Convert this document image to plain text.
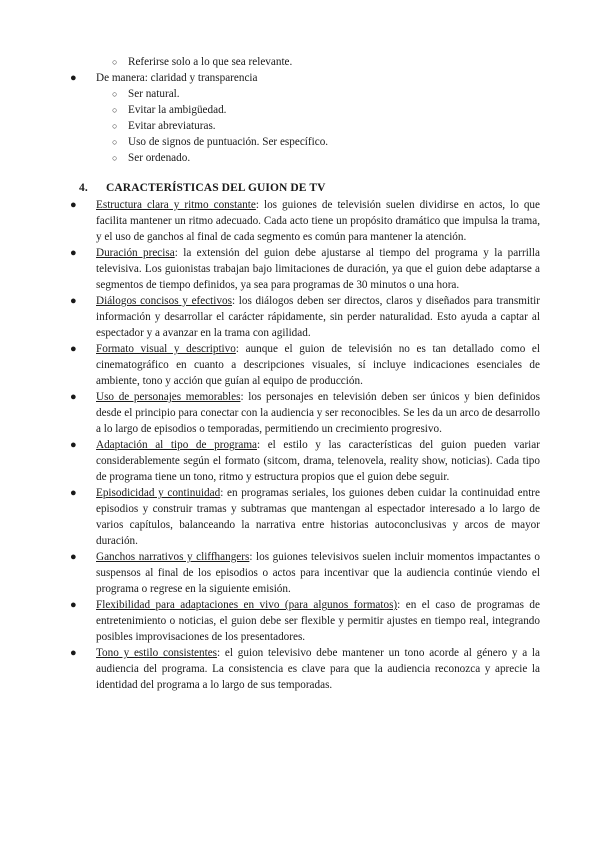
○ Referirse solo a lo que sea relevante.
● De manera: claridad y transparencia
○ Ser natural.
○ Evitar la ambigüedad.
○ Evitar abreviaturas.
○ Uso de signos de puntuación. Ser específico.
○ Ser ordenado.
4. CARACTERÍSTICAS DEL GUION DE TV
● Estructura clara y ritmo constante: los guiones de televisión suelen dividirse en actos, lo que facilita mantener un ritmo adecuado. Cada acto tiene un propósito dramático que impulsa la trama, y el uso de ganchos al final de cada segmento es común para mantener la atención.
● Duración precisa: la extensión del guion debe ajustarse al tiempo del programa y la parrilla televisiva. Los guionistas trabajan bajo limitaciones de duración, ya que el guion debe adaptarse a segmentos de tiempo definidos, ya sea para programas de 30 minutos o una hora.
● Diálogos concisos y efectivos: los diálogos deben ser directos, claros y diseñados para transmitir información y desarrollar el carácter rápidamente, sin perder naturalidad. Esto ayuda a captar al espectador y a avanzar en la trama con agilidad.
● Formato visual y descriptivo: aunque el guion de televisión no es tan detallado como el cinematográfico en cuanto a descripciones visuales, sí incluye indicaciones esenciales de ambiente, tono y acción que guían al equipo de producción.
● Uso de personajes memorables: los personajes en televisión deben ser únicos y bien definidos desde el principio para conectar con la audiencia y ser reconocibles. Se les da un arco de desarrollo a lo largo de episodios o temporadas, permitiendo un crecimiento progresivo.
● Adaptación al tipo de programa: el estilo y las características del guion pueden variar considerablemente según el formato (sitcom, drama, telenovela, reality show, noticias). Cada tipo de programa tiene un tono, ritmo y estructura propios que el guion debe seguir.
● Episodicidad y continuidad: en programas seriales, los guiones deben cuidar la continuidad entre episodios y construir tramas y subtramas que mantengan al espectador interesado a lo largo de varios capítulos, balanceando la narrativa entre historias autoconclusivas y arcos de mayor duración.
● Ganchos narrativos y cliffhangers: los guiones televisivos suelen incluir momentos impactantes o suspensos al final de los episodios o actos para incentivar que la audiencia continúe viendo el programa o regrese en la siguiente emisión.
● Flexibilidad para adaptaciones en vivo (para algunos formatos): en el caso de programas de entretenimiento o noticias, el guion debe ser flexible y permitir ajustes en tiempo real, integrando posibles improvisaciones de los presentadores.
● Tono y estilo consistentes: el guion televisivo debe mantener un tono acorde al género y a la audiencia del programa. La consistencia es clave para que la audiencia reconozca y aprecie la identidad del programa a lo largo de sus temporadas.
